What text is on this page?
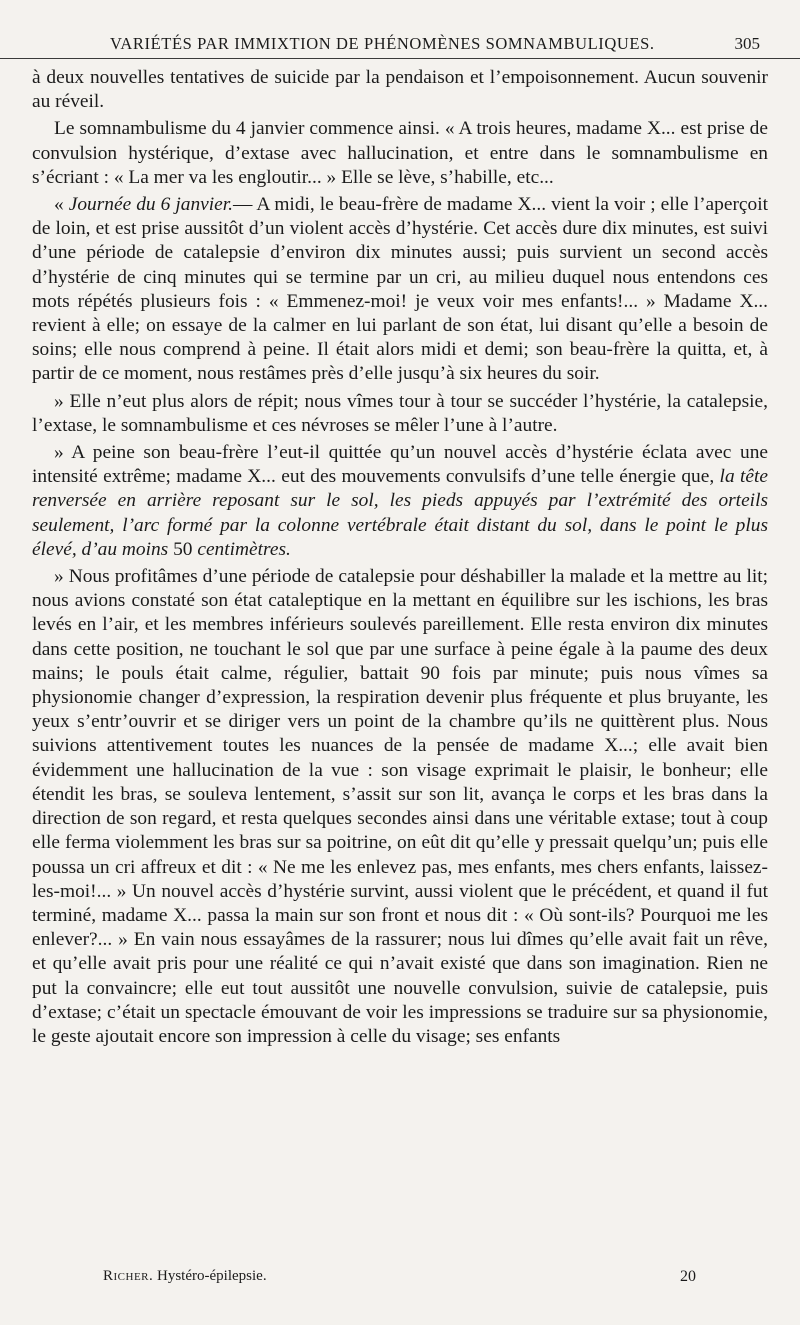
VARIÉTÉS PAR IMMIXTION DE PHÉNOMÈNES SOMNAMBULIQUES.	305

à deux nouvelles tentatives de suicide par la pendaison et l’empoisonnement. Aucun souvenir au réveil.

Le somnambulisme du 4 janvier commence ainsi. « A trois heures, madame X... est prise de convulsion hystérique, d’extase avec hallucination, et entre dans le somnambulisme en s’écriant : « La mer va les engloutir... » Elle se lève, s’habille, etc...

« Journée du 6 janvier.— A midi, le beau-frère de madame X... vient la voir ; elle l’aperçoit de loin, et est prise aussitôt d’un violent accès d’hystérie. Cet accès dure dix minutes, est suivi d’une période de catalepsie d’environ dix minutes aussi; puis survient un second accès d’hystérie de cinq minutes qui se termine par un cri, au milieu duquel nous entendons ces mots répétés plusieurs fois : « Emmenez-moi! je veux voir mes enfants!... » Madame X... revient à elle; on essaye de la calmer en lui parlant de son état, lui disant qu’elle a besoin de soins; elle nous comprend à peine. Il était alors midi et demi; son beau-frère la quitta, et, à partir de ce moment, nous restâmes près d’elle jusqu’à six heures du soir.

» Elle n’eut plus alors de répit; nous vîmes tour à tour se succéder l’hystérie, la catalepsie, l’extase, le somnambulisme et ces névroses se mêler l’une à l’autre.

» A peine son beau-frère l’eut-il quittée qu’un nouvel accès d’hystérie éclata avec une intensité extrême; madame X... eut des mouvements convulsifs d’une telle énergie que, la tête renversée en arrière reposant sur le sol, les pieds appuyés par l’extrémité des orteils seulement, l’arc formé par la colonne vertébrale était distant du sol, dans le point le plus élevé, d’au moins 50 centimètres.

» Nous profitâmes d’une période de catalepsie pour déshabiller la malade et la mettre au lit; nous avions constaté son état cataleptique en la mettant en équilibre sur les ischions, les bras levés en l’air, et les membres inférieurs soulevés pareillement. Elle resta environ dix minutes dans cette position, ne touchant le sol que par une surface à peine égale à la paume des deux mains; le pouls était calme, régulier, battait 90 fois par minute; puis nous vîmes sa physionomie changer d’expression, la respiration devenir plus fréquente et plus bruyante, les yeux s’entr’ouvrir et se diriger vers un point de la chambre qu’ils ne quittèrent plus. Nous suivions attentivement toutes les nuances de la pensée de madame X...; elle avait bien évidemment une hallucination de la vue : son visage exprimait le plaisir, le bonheur; elle étendit les bras, se souleva lentement, s’assit sur son lit, avança le corps et les bras dans la direction de son regard, et resta quelques secondes ainsi dans une véritable extase; tout à coup elle ferma violemment les bras sur sa poitrine, on eût dit qu’elle y pressait quelqu’un; puis elle poussa un cri affreux et dit : « Ne me les enlevez pas, mes enfants, mes chers enfants, laissez-les-moi!... » Un nouvel accès d’hystérie survint, aussi violent que le précédent, et quand il fut terminé, madame X... passa la main sur son front et nous dit : « Où sont-ils? Pourquoi me les enlever?... » En vain nous essayâmes de la rassurer; nous lui dîmes qu’elle avait fait un rêve, et qu’elle avait pris pour une réalité ce qui n’avait existé que dans son imagination. Rien ne put la convaincre; elle eut tout aussitôt une nouvelle convulsion, suivie de catalepsie, puis d’extase; c’était un spectacle émouvant de voir les impressions se traduire sur sa physionomie, le geste ajoutait encore son impression à celle du visage; ses enfants

Richer. Hystéro-épilepsie.	20
